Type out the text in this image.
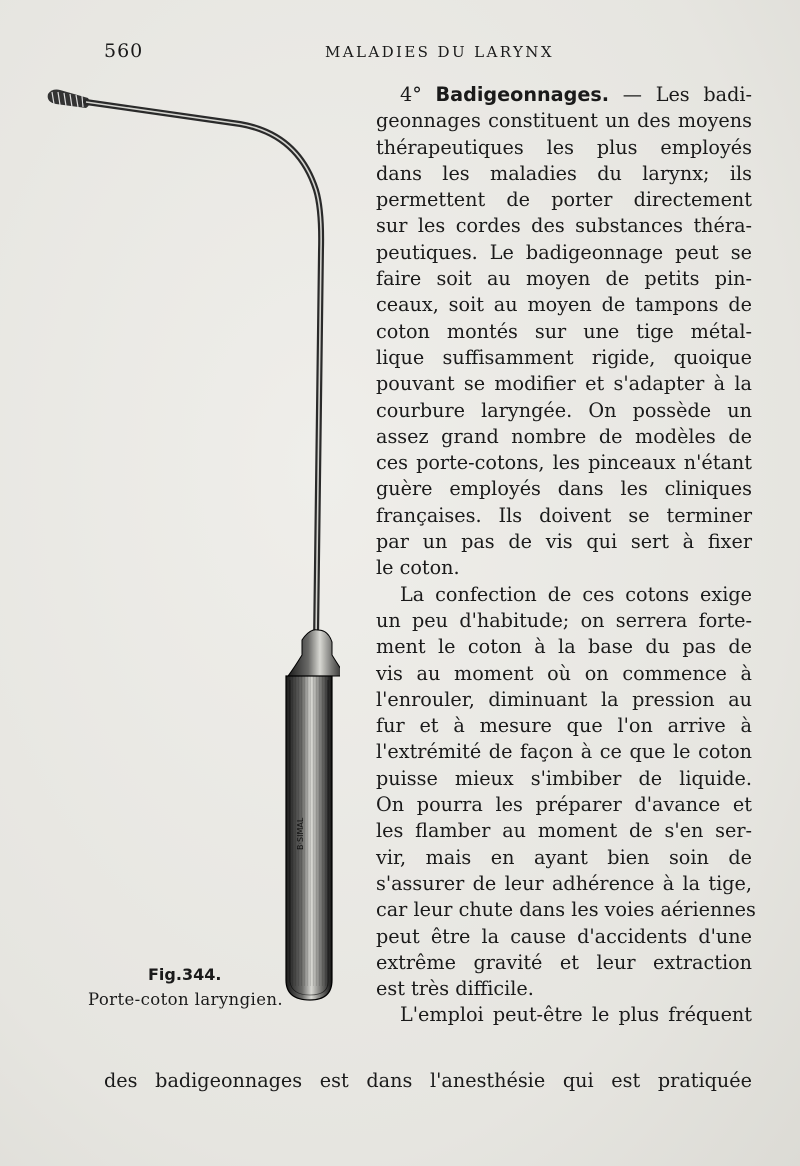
560	MALADIES DU LARYNX
B·SIMAL
Fig.344.
Porte-coton laryngien.
4° Badigeonnages. — Les badi-
geonnages constituent un des moyens
thérapeutiques les plus employés
dans les maladies du larynx; ils
permettent de porter directement
sur les cordes des substances théra-
peutiques. Le badigeonnage peut se
faire soit au moyen de petits pin-
ceaux, soit au moyen de tampons de
coton montés sur une tige métal-
lique suffisamment rigide, quoique
pouvant se modifier et s'adapter à la
courbure laryngée. On possède un
assez grand nombre de modèles de
ces porte-cotons, les pinceaux n'étant
guère employés dans les cliniques
françaises. Ils doivent se terminer
par un pas de vis qui sert à fixer
le coton.
La confection de ces cotons exige
un peu d'habitude; on serrera forte-
ment le coton à la base du pas de
vis au moment où on commence à
l'enrouler, diminuant la pression au
fur et à mesure que l'on arrive à
l'extrémité de façon à ce que le coton
puisse mieux s'imbiber de liquide.
On pourra les préparer d'avance et
les flamber au moment de s'en ser-
vir, mais en ayant bien soin de
s'assurer de leur adhérence à la tige,
car leur chute dans les voies aériennes
peut être la cause d'accidents d'une
extrême gravité et leur extraction
est très difficile.
L'emploi peut-être le plus fréquent
des badigeonnages est dans l'anesthésie qui est pratiquée
